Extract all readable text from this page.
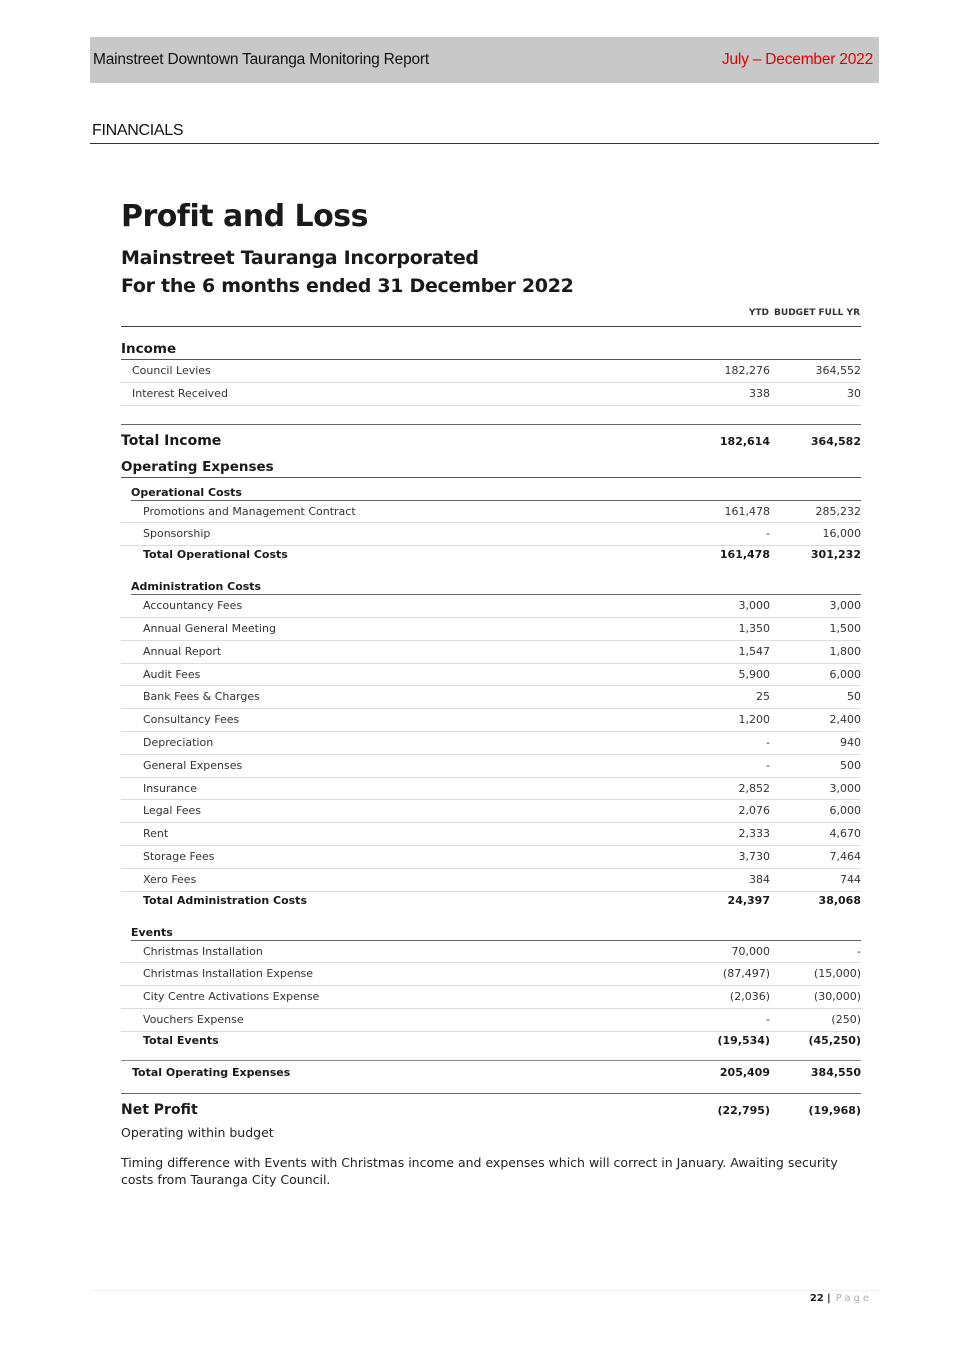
Mainstreet Downtown Tauranga Monitoring Report	July – December 2022
FINANCIALS
Profit and Loss
Mainstreet Tauranga Incorporated
For the 6 months ended 31 December 2022
YTD BUDGET FULL YR
Income
Council Levies	182,276	364,552
Interest Received	338	30
Total Income	182,614	364,582
Operating Expenses
Operational Costs
Promotions and Management Contract	161,478	285,232
Sponsorship	-	16,000
Total Operational Costs	161,478	301,232
Administration Costs
Accountancy Fees	3,000	3,000
Annual General Meeting	1,350	1,500
Annual Report	1,547	1,800
Audit Fees	5,900	6,000
Bank Fees & Charges	25	50
Consultancy Fees	1,200	2,400
Depreciation	-	940
General Expenses	-	500
Insurance	2,852	3,000
Legal Fees	2,076	6,000
Rent	2,333	4,670
Storage Fees	3,730	7,464
Xero Fees	384	744
Total Administration Costs	24,397	38,068
Events
Christmas Installation	70,000	-
Christmas Installation Expense	(87,497)	(15,000)
City Centre Activations Expense	(2,036)	(30,000)
Vouchers Expense	-	(250)
Total Events	(19,534)	(45,250)
Total Operating Expenses	205,409	384,550
Net Profit	(22,795)	(19,968)
Operating within budget
Timing difference with Events with Christmas income and expenses which will correct in January. Awaiting security costs from Tauranga City Council.
22 | Page
